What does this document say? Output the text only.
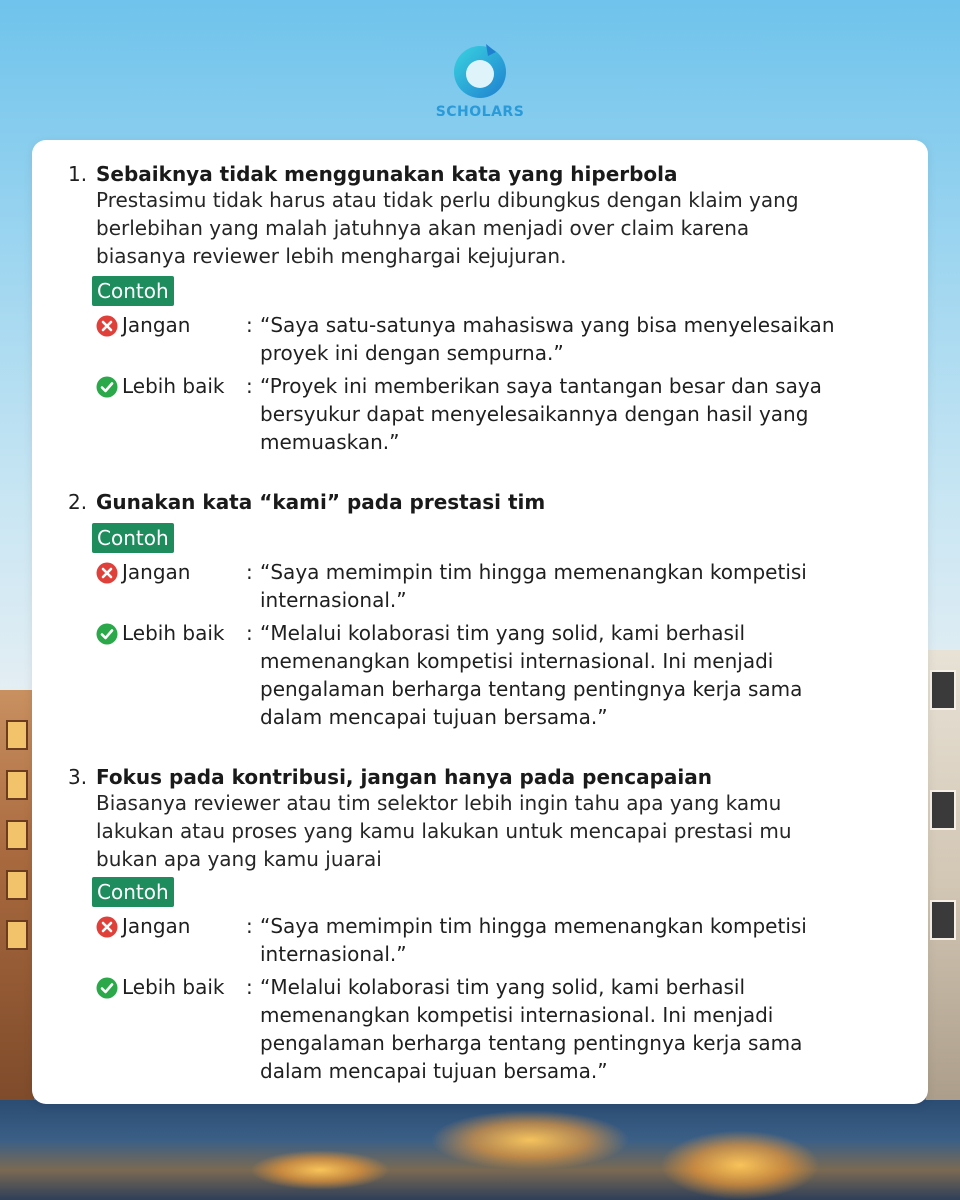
SCHOLARS
1. Sebaiknya tidak menggunakan kata yang hiperbola
Prestasimu tidak harus atau tidak perlu dibungkus dengan klaim yang
berlebihan yang malah jatuhnya akan menjadi over claim karena
biasanya reviewer lebih menghargai kejujuran.
Contoh
Jangan	: “Saya satu-satunya mahasiswa yang bisa menyelesaikan
proyek ini dengan sempurna.”
Lebih baik : “Proyek ini memberikan saya tantangan besar dan saya
bersyukur dapat menyelesaikannya dengan hasil yang
memuaskan.”
2. Gunakan kata “kami” pada prestasi tim
Contoh
Jangan	: “Saya memimpin tim hingga memenangkan kompetisi
internasional.”
Lebih baik : “Melalui kolaborasi tim yang solid, kami berhasil
memenangkan kompetisi internasional. Ini menjadi
pengalaman berharga tentang pentingnya kerja sama
dalam mencapai tujuan bersama.”
3. Fokus pada kontribusi, jangan hanya pada pencapaian
Biasanya reviewer atau tim selektor lebih ingin tahu apa yang kamu
lakukan atau proses yang kamu lakukan untuk mencapai prestasi mu
bukan apa yang kamu juarai
Contoh
Jangan	: “Saya memimpin tim hingga memenangkan kompetisi
internasional.”
Lebih baik : “Melalui kolaborasi tim yang solid, kami berhasil
memenangkan kompetisi internasional. Ini menjadi
pengalaman berharga tentang pentingnya kerja sama
dalam mencapai tujuan bersama.”
